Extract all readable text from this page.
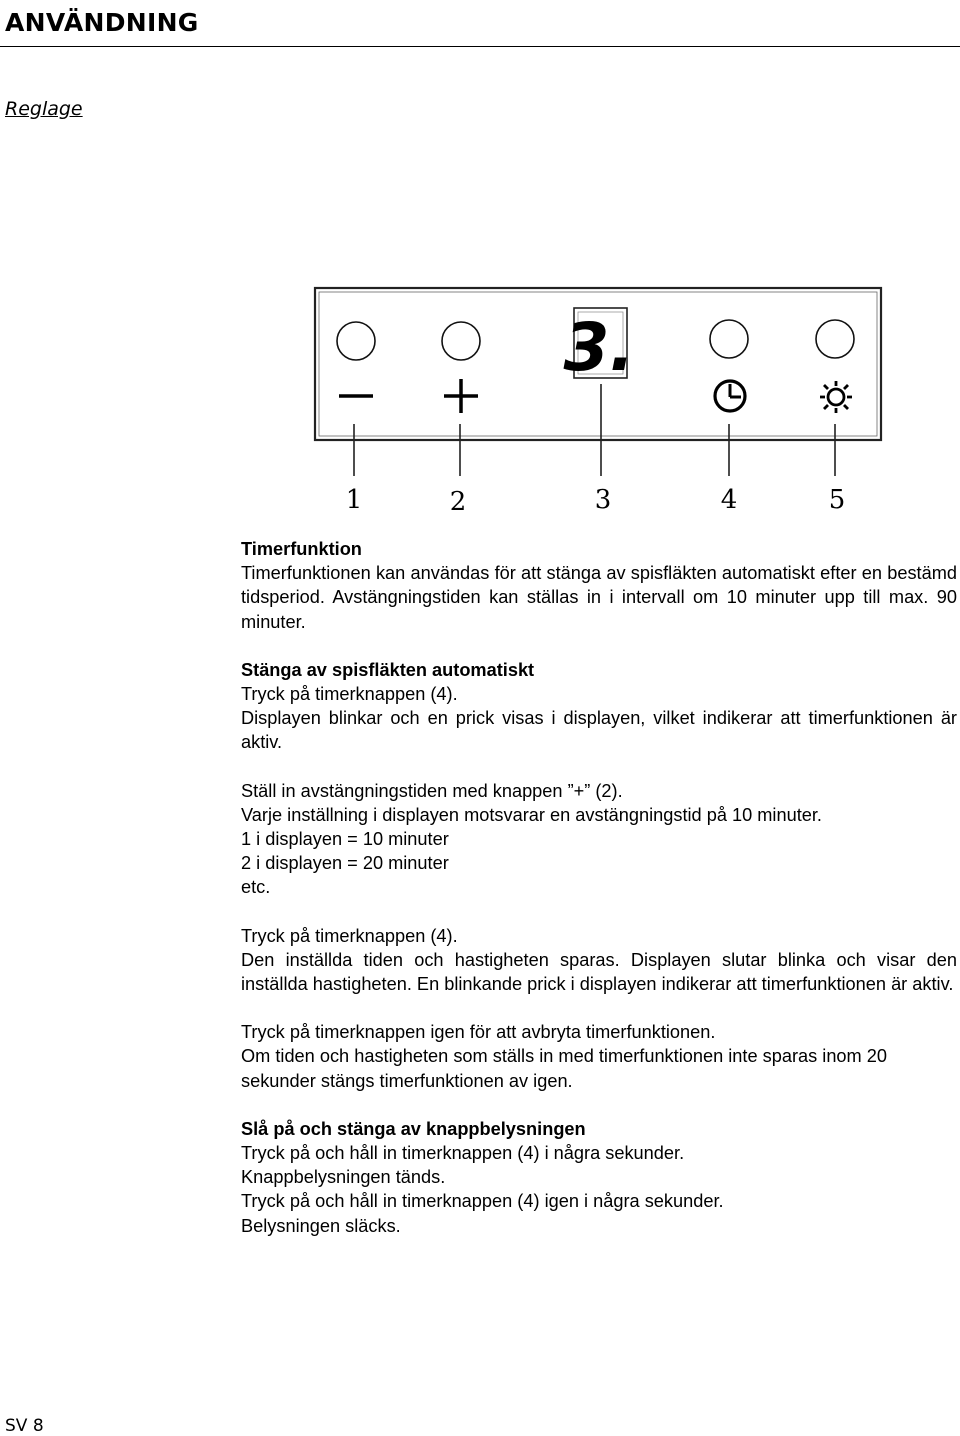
ANVÄNDNING
Reglage
3.
1	2	3	4	5

Timerfunktion

Timerfunktionen kan användas för att stänga av spisfläkten automatiskt efter en bestämd tidsperiod. Avstängningstiden kan ställas in i intervall om 10 minuter upp till max. 90 minuter.

Stänga av spisfläkten automatiskt

Tryck på timerknappen (4).

Displayen blinkar och en prick visas i displayen, vilket indikerar att timerfunktionen är aktiv.

Ställ in avstängningstiden med knappen ”+” (2).

Varje inställning i displayen motsvarar en avstängningstid på 10 minuter.

1 i displayen = 10 minuter

2 i displayen = 20 minuter

etc.

Tryck på timerknappen (4).

Den inställda tiden och hastigheten sparas. Displayen slutar blinka och visar den inställda hastigheten. En blinkande prick i displayen indikerar att timerfunktionen är aktiv.

Tryck på timerknappen igen för att avbryta timerfunktionen.

Om tiden och hastigheten som ställs in med timerfunktionen inte sparas inom 20 sekunder stängs timerfunktionen av igen.

Slå på och stänga av knappbelysningen

Tryck på och håll in timerknappen (4) i några sekunder.

Knappbelysningen tänds.

Tryck på och håll in timerknappen (4) igen i några sekunder.

Belysningen släcks.

SV 8
